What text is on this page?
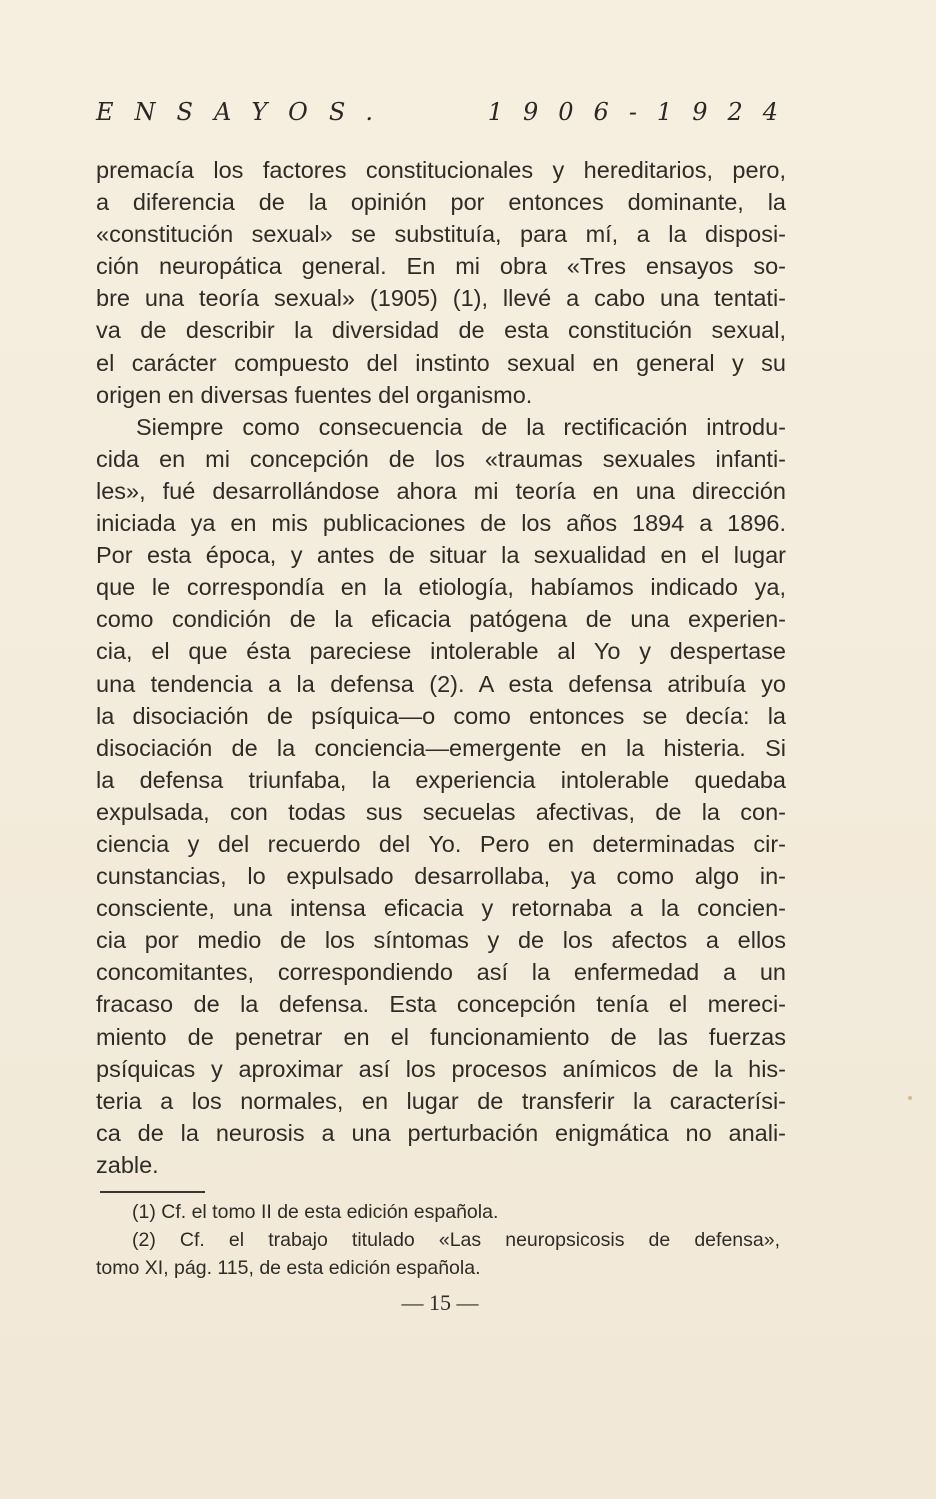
ENSAYOS.	1906-1924
premacía los factores constitucionales y hereditarios, pero,
a diferencia de la opinión por entonces dominante, la
«constitución sexual» se substituía, para mí, a la disposi-
ción neuropática general. En mi obra «Tres ensayos so-
bre una teoría sexual» (1905) (1), llevé a cabo una tentati-
va de describir la diversidad de esta constitución sexual,
el carácter compuesto del instinto sexual en general y su
origen en diversas fuentes del organismo.
Siempre como consecuencia de la rectificación introdu-
cida en mi concepción de los «traumas sexuales infanti-
les», fué desarrollándose ahora mi teoría en una dirección
iniciada ya en mis publicaciones de los años 1894 a 1896.
Por esta época, y antes de situar la sexualidad en el lugar
que le correspondía en la etiología, habíamos indicado ya,
como condición de la eficacia patógena de una experien-
cia, el que ésta pareciese intolerable al Yo y despertase
una tendencia a la defensa (2). A esta defensa atribuía yo
la disociación de psíquica—o como entonces se decía: la
disociación de la conciencia—emergente en la histeria. Si
la defensa triunfaba, la experiencia intolerable quedaba
expulsada, con todas sus secuelas afectivas, de la con-
ciencia y del recuerdo del Yo. Pero en determinadas cir-
cunstancias, lo expulsado desarrollaba, ya como algo in-
consciente, una intensa eficacia y retornaba a la concien-
cia por medio de los síntomas y de los afectos a ellos
concomitantes, correspondiendo así la enfermedad a un
fracaso de la defensa. Esta concepción tenía el mereci-
miento de penetrar en el funcionamiento de las fuerzas
psíquicas y aproximar así los procesos anímicos de la his-
teria a los normales, en lugar de transferir la caracterísi-
ca de la neurosis a una perturbación enigmática no anali-
zable.
(1) Cf. el tomo II de esta edición española.
(2) Cf. el trabajo titulado «Las neuropsicosis de defensa»,
tomo XI, pág. 115, de esta edición española.
— 15 —
